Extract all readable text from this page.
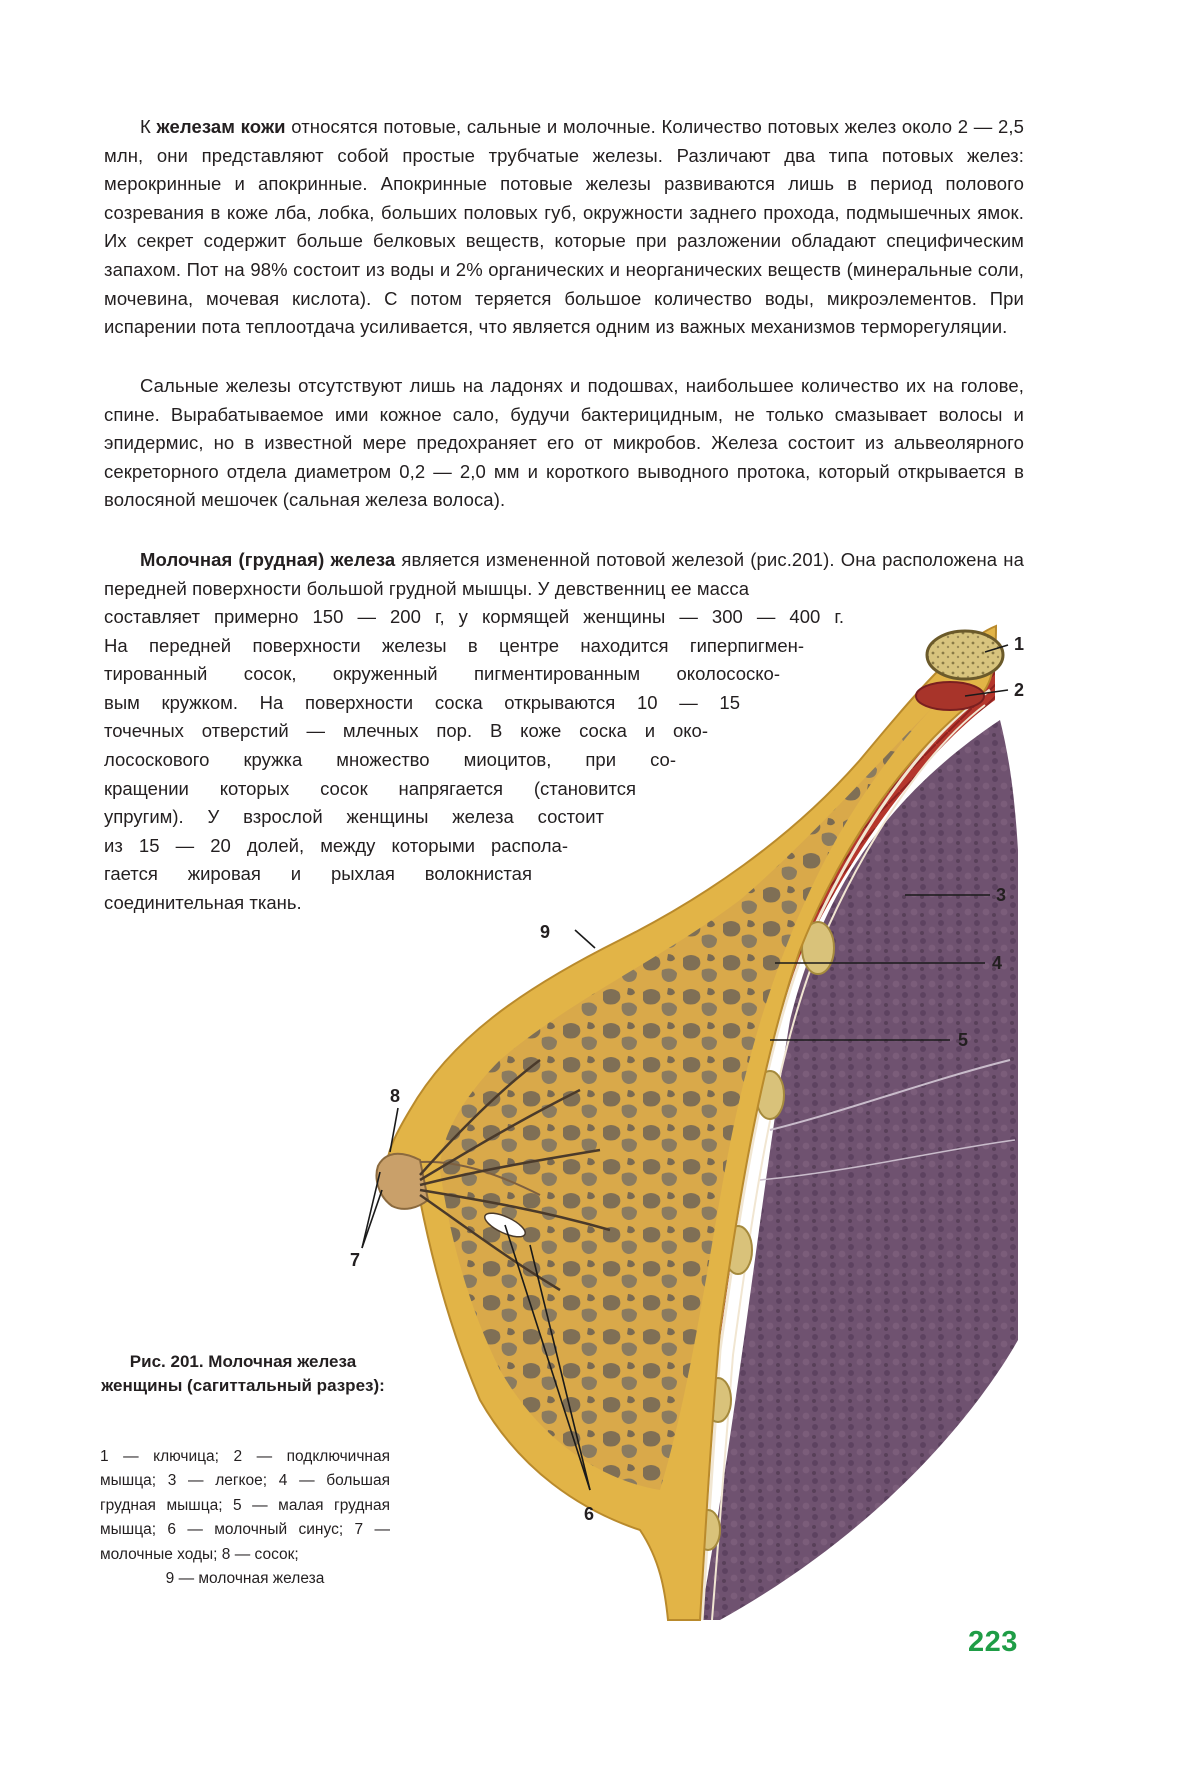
К железам кожи относятся потовые, сальные и молочные. Количество потовых желез около 2 — 2,5 млн, они представляют собой простые трубчатые железы. Различают два типа потовых желез: мерокринные и апокринные. Апокринные потовые железы развиваются лишь в период полового созревания в коже лба, лобка, больших половых губ, окружности заднего прохода, подмышечных ямок. Их секрет содержит больше белковых веществ, которые при разложении обладают специфическим запахом. Пот на 98% состоит из воды и 2% органических и неорганических веществ (минеральные соли, мочевина, мочевая кислота). С потом теряется большое количество воды, микроэлементов. При испарении пота теплоотдача усиливается, что является одним из важных механизмов терморегуляции.

Сальные железы отсутствуют лишь на ладонях и подошвах, наибольшее количество их на голове, спине. Вырабатываемое ими кожное сало, будучи бактерицидным, не только смазывает волосы и эпидермис, но в известной мере предохраняет его от микробов. Железа состоит из альвеолярного секреторного отдела диаметром 0,2 — 2,0 мм и короткого выводного протока, который открывается в волосяной мешочек (сальная железа волоса).

Молочная (грудная) железа является измененной потовой железой (рис.201). Она расположена на передней поверхности большой грудной мышцы. У девственниц ее масса

составляет примерно 150 — 200 г, у кормящей женщины — 300 — 400 г.

На передней поверхности железы в центре находится гиперпигмен-

тированный сосок, окруженный пигментированным околососко-

вым кружком. На поверхности соска открываются 10 — 15

точечных отверстий — млечных пор. В коже соска и око-

лососкового кружка множество миоцитов, при со-

кращении которых сосок напрягается (становится

упругим). У взрослой женщины железа состоит

из 15 — 20 долей, между которыми распола-

гается жировая и рыхлая волокнистая

соединительная ткань.

1
2
3
4
5
6
7
8
9

Рис. 201. Молочная железа женщины (сагиттальный разрез):

1 — ключица; 2 — подключичная мышца; 3 — легкое; 4 — большая грудная мышца; 5 — малая грудная мышца; 6 — молочный синус; 7 — молочные ходы; 8 — сосок;
9 — молочная железа

223
